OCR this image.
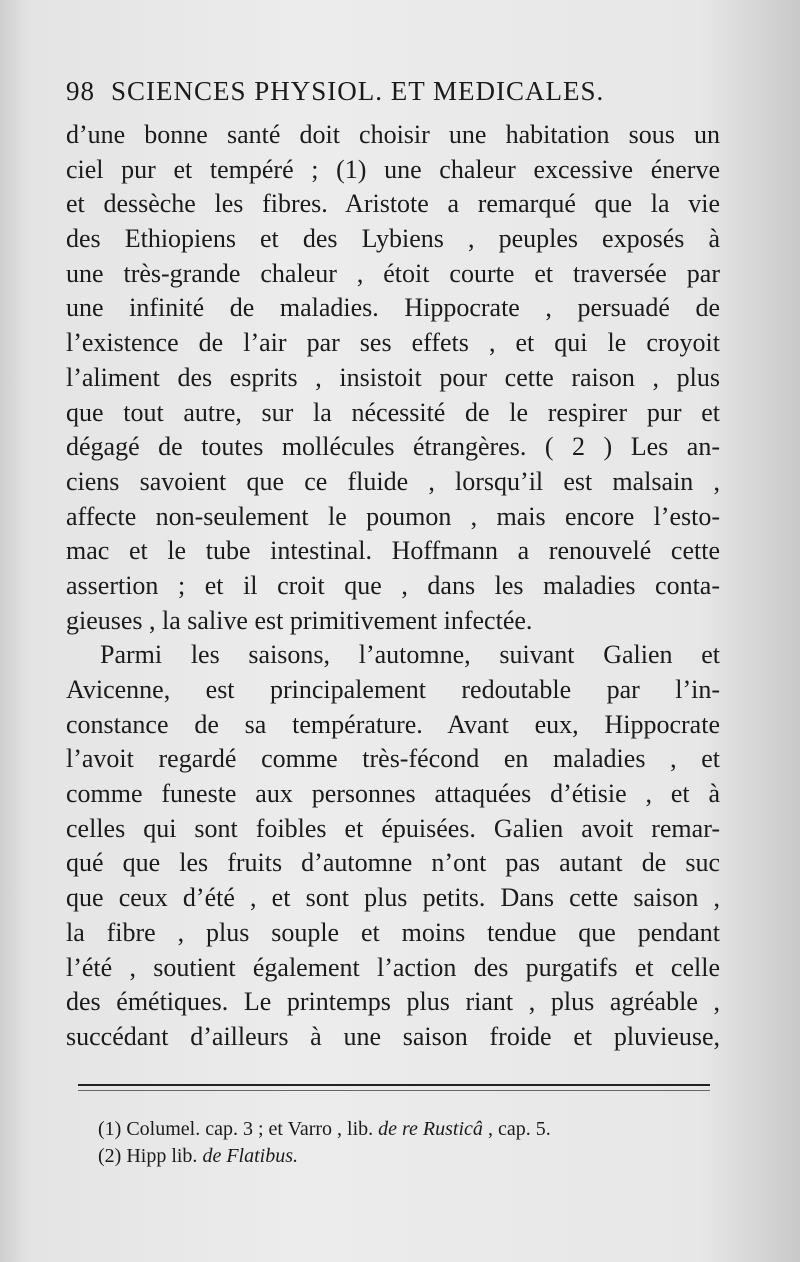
98 SCIENCES PHYSIOL. ET MEDICALES.
d’une bonne santé doit choisir une habitation sous un
ciel pur et tempéré ; (1) une chaleur excessive énerve
et dessèche les fibres. Aristote a remarqué que la vie
des Ethiopiens et des Lybiens , peuples exposés à
une très-grande chaleur , étoit courte et traversée par
une infinité de maladies. Hippocrate , persuadé de
l’existence de l’air par ses effets , et qui le croyoit
l’aliment des esprits , insistoit pour cette raison , plus
que tout autre, sur la nécessité de le respirer pur et
dégagé de toutes mollécules étrangères. ( 2 ) Les an-
ciens savoient que ce fluide , lorsqu’il est malsain ,
affecte non-seulement le poumon , mais encore l’esto-
mac et le tube intestinal. Hoffmann a renouvelé cette
assertion ; et il croit que , dans les maladies conta-
gieuses , la salive est primitivement infectée.
Parmi les saisons, l’automne, suivant Galien et
Avicenne, est principalement redoutable par l’in-
constance de sa température. Avant eux, Hippocrate
l’avoit regardé comme très-fécond en maladies , et
comme funeste aux personnes attaquées d’étisie , et à
celles qui sont foibles et épuisées. Galien avoit remar-
qué que les fruits d’automne n’ont pas autant de suc
que ceux d’été , et sont plus petits. Dans cette saison ,
la fibre , plus souple et moins tendue que pendant
l’été , soutient également l’action des purgatifs et celle
des émétiques. Le printemps plus riant , plus agréable ,
succédant d’ailleurs à une saison froide et pluvieuse,
(1) Columel. cap. 3 ; et Varro , lib. de re Rusticâ , cap. 5.
(2) Hipp lib. de Flatibus.
